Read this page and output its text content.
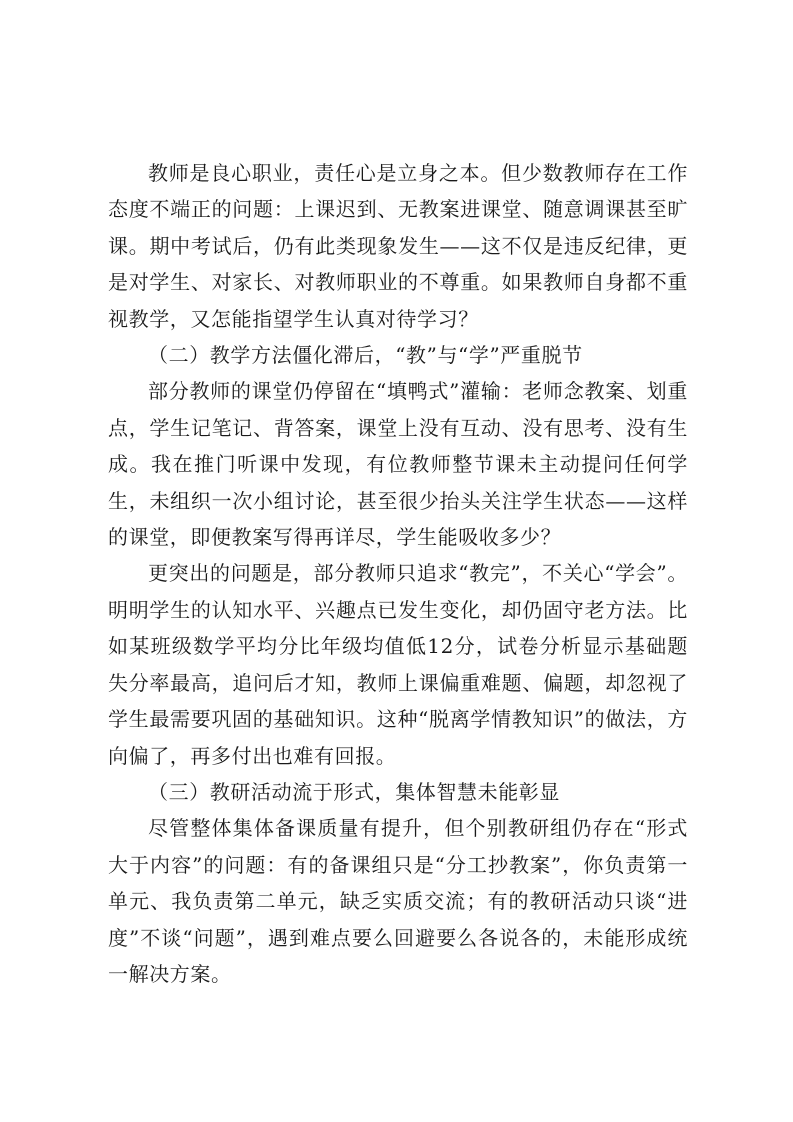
教师是良心职业，责任心是立身之本。但少数教师存在工作态度不端正的问题：上课迟到、无教案进课堂、随意调课甚至旷课。期中考试后，仍有此类现象发生——这不仅是违反纪律，更是对学生、对家长、对教师职业的不尊重。如果教师自身都不重视教学，又怎能指望学生认真对待学习？

（二）教学方法僵化滞后，“教”与“学”严重脱节

部分教师的课堂仍停留在“填鸭式”灌输：老师念教案、划重点，学生记笔记、背答案，课堂上没有互动、没有思考、没有生成。我在推门听课中发现，有位教师整节课未主动提问任何学生，未组织一次小组讨论，甚至很少抬头关注学生状态——这样的课堂，即便教案写得再详尽，学生能吸收多少？

更突出的问题是，部分教师只追求“教完”，不关心“学会”。明明学生的认知水平、兴趣点已发生变化，却仍固守老方法。比如某班级数学平均分比年级均值低12分，试卷分析显示基础题失分率最高，追问后才知，教师上课偏重难题、偏题，却忽视了学生最需要巩固的基础知识。这种“脱离学情教知识”的做法，方向偏了，再多付出也难有回报。

（三）教研活动流于形式，集体智慧未能彰显

尽管整体集体备课质量有提升，但个别教研组仍存在“形式大于内容”的问题：有的备课组只是“分工抄教案”，你负责第一单元、我负责第二单元，缺乏实质交流；有的教研活动只谈“进度”不谈“问题”，遇到难点要么回避要么各说各的，未能形成统一解决方案。
